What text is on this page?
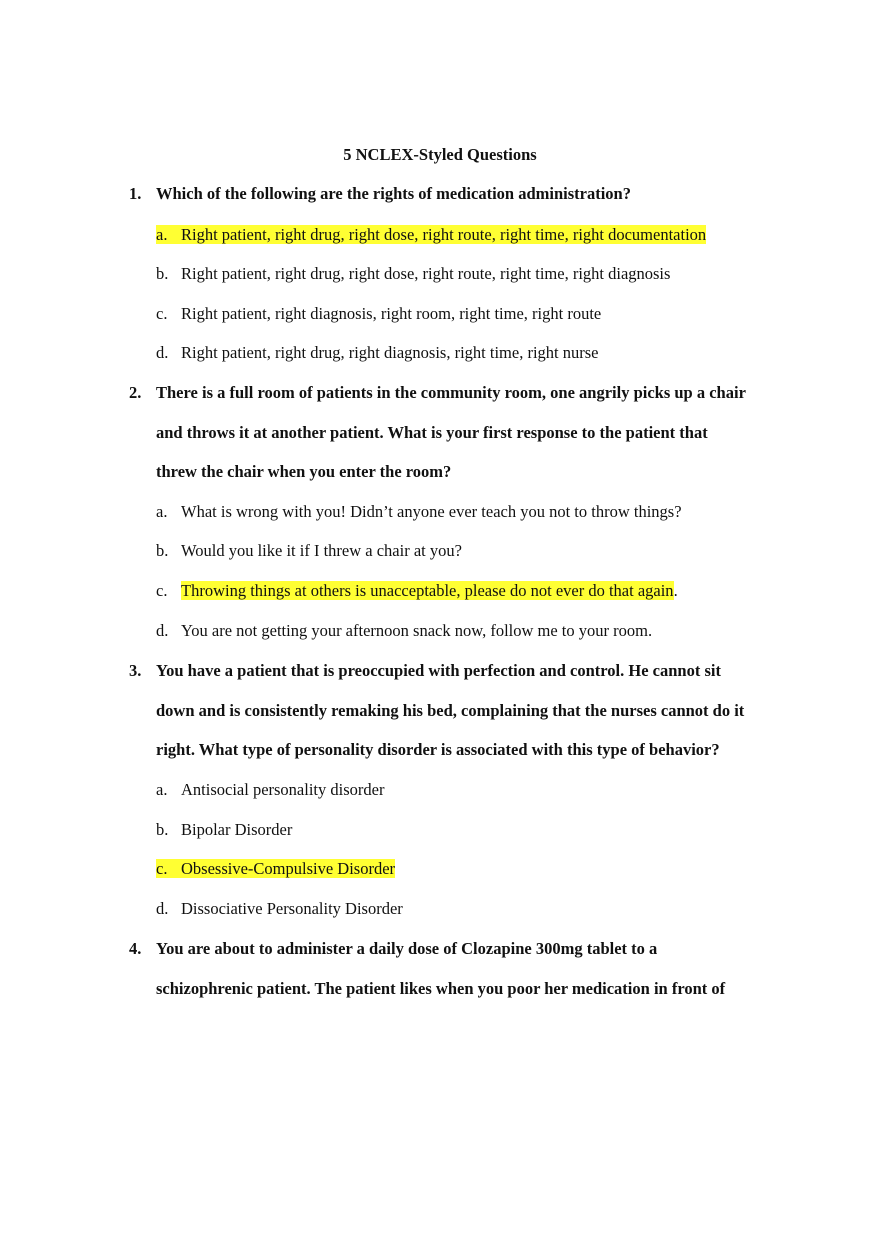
5 NCLEX-Styled Questions
1. Which of the following are the rights of medication administration?
a. Right patient, right drug, right dose, right route, right time, right documentation
b. Right patient, right drug, right dose, right route, right time, right diagnosis
c. Right patient, right diagnosis, right room, right time, right route
d. Right patient, right drug, right diagnosis, right time, right nurse
2. There is a full room of patients in the community room, one angrily picks up a chair
and throws it at another patient. What is your first response to the patient that
threw the chair when you enter the room?
a. What is wrong with you! Didn’t anyone ever teach you not to throw things?
b. Would you like it if I threw a chair at you?
c. Throwing things at others is unacceptable, please do not ever do that again.
d. You are not getting your afternoon snack now, follow me to your room.
3. You have a patient that is preoccupied with perfection and control. He cannot sit
down and is consistently remaking his bed, complaining that the nurses cannot do it
right. What type of personality disorder is associated with this type of behavior?
a. Antisocial personality disorder
b. Bipolar Disorder
c. Obsessive-Compulsive Disorder
d. Dissociative Personality Disorder
4. You are about to administer a daily dose of Clozapine 300mg tablet to a
schizophrenic patient. The patient likes when you poor her medication in front of
